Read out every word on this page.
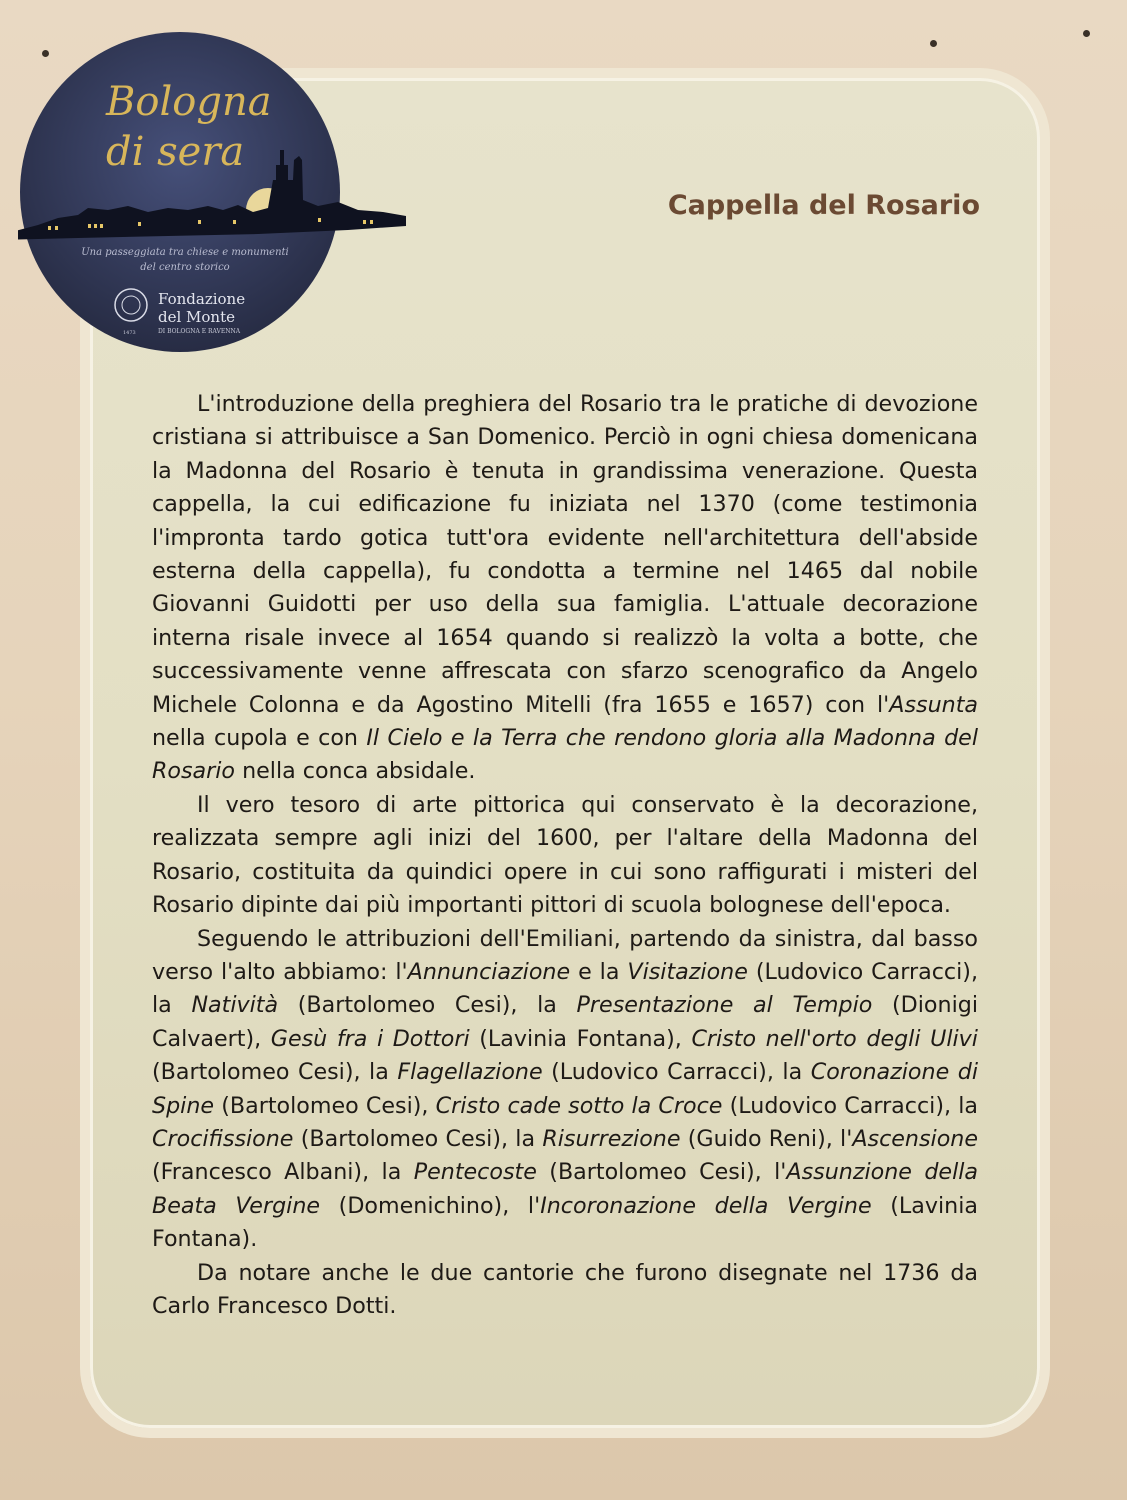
Bologna
di sera
Una passeggiata tra chiese e monumenti
del centro storico
Fondazione
del Monte
DI BOLOGNA E RAVENNA
1473
Cappella del Rosario

L'introduzione della preghiera del Rosario tra le pratiche di devozione cristiana si attribuisce a San Domenico. Perciò in ogni chiesa domenicana la Madonna del Rosario è tenuta in grandissima venerazione. Questa cappella, la cui edificazione fu iniziata nel 1370 (come testimonia l'impronta tardo gotica tutt'ora evidente nell'architettura dell'abside esterna della cappella), fu condotta a termine nel 1465 dal nobile Giovanni Guidotti per uso della sua famiglia. L'attuale decorazione interna risale invece al 1654 quando si realizzò la volta a botte, che successivamente venne affrescata con sfarzo scenografico da Angelo Michele Colonna e da Agostino Mitelli (fra 1655 e 1657) con l'Assunta nella cupola e con Il Cielo e la Terra che rendono gloria alla Madonna del Rosario nella conca absidale.

Il vero tesoro di arte pittorica qui conservato è la decorazione, realizzata sempre agli inizi del 1600, per l'altare della Madonna del Rosario, costituita da quindici opere in cui sono raffigurati i misteri del Rosario dipinte dai più importanti pittori di scuola bolognese dell'epoca.

Seguendo le attribuzioni dell'Emiliani, partendo da sinistra, dal basso verso l'alto abbiamo: l'Annunciazione e la Visitazione (Ludovico Carracci), la Natività (Bartolomeo Cesi), la Presentazione al Tempio (Dionigi Calvaert), Gesù fra i Dottori (Lavinia Fontana), Cristo nell'orto degli Ulivi (Bartolomeo Cesi), la Flagellazione (Ludovico Carracci), la Coronazione di Spine (Bartolomeo Cesi), Cristo cade sotto la Croce (Ludovico Carracci), la Crocifissione (Bartolomeo Cesi), la Risurrezione (Guido Reni), l'Ascensione (Francesco Albani), la Pentecoste (Bartolomeo Cesi), l'Assunzione della Beata Vergine (Domenichino), l'Incoronazione della Vergine (Lavinia Fontana).

Da notare anche le due cantorie che furono disegnate nel 1736 da Carlo Francesco Dotti.
